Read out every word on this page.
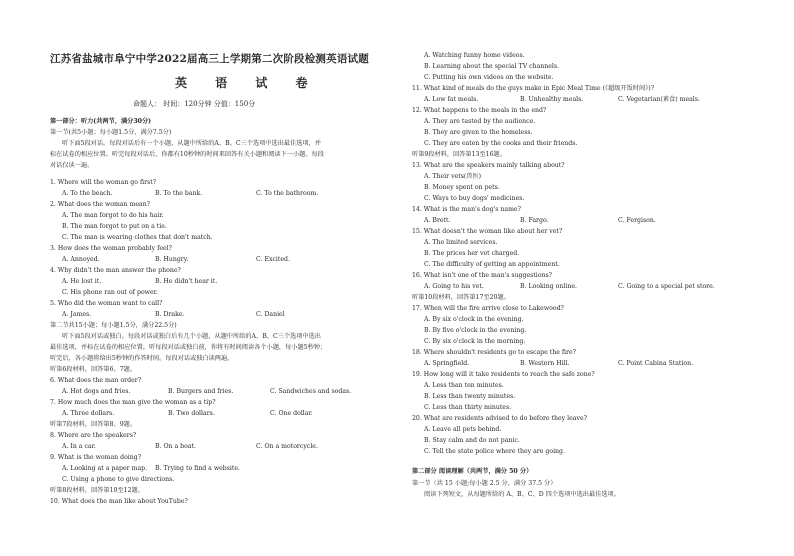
江苏省盐城市阜宁中学2022届高三上学期第二次阶段检测英语试题
英 语 试 卷
命题人： 时间：120分钟 分值：150分
第一部分：听力(共两节，满分30分)
第一节(共5小题；每小题1.5分，满分7.5分)
听下面5段对话。每段对话后有一个小题，从题中所给的A、B、C三个选项中选出最佳选项，并
标在试卷的相应位置。听完每段对话后，你都有10秒钟的时间来回答有关小题和阅读下一小题。每段
对话仅读一遍。
1. Where will the woman go first?
A. To the beach.	B. To the bank.	C. To the bathroom.
2. What does the woman mean?
A. The man forgot to do his hair.
B. The man forgot to put on a tie.
C. The man is wearing clothes that don't match.
3. How does the woman probably feel?
A. Annoyed.	B. Hungry.	C. Excited.
4. Why didn't the man answer the phone?
A. He lost it.	B. He didn't hear it.
C. His phone ran out of power.
5. Who did the woman want to call?
A. James.	B. Drake.	C. Daniel
第二节共15小题；每小题1.5分，满分22.5分)
听下面5段对话或独白。每段对话或独白后有几个小题，从题中所给的A、B、C三个选项中选出
最佳选项，并标在试卷的相应位置。听每段对话或独白前，你将有时间阅读各个小题，每小题5秒钟；
听完后，各小题将给出5秒钟的作答时间。每段对话或独白读两遍。
听第6段材料，回答第6、7题。
6. What does the man order?
A. Hot dogs and fries.	B. Burgers and fries.	C. Sandwiches and sodas.
7. How much does the man give the woman as a tip?
A. Three dollars.	B. Two dollars.	C. One dollar.
听第7段材料，回答第8、9题。
8. Where are the speakers?
A. In a car.	B. On a boat.	C. On a motorcycle.
9. What is the woman doing?
A. Looking at a paper map. B. Trying to find a website.
C. Using a phone to give directions.
听第8段材料，回答第10至12题。
10. What does the man like about YouTube?
A. Watching funny home videos.
B. Learning about the special TV channels.
C. Putting his own videos on the website.
11. What kind of meals do the guys make in Epic Meal Time (《超级开饭时间》)?
A. Low fat meals.	B. Unhealthy meals.	C. Vegetarian(素食) meals.
12. What happens to the meals in the end?
A. They are tasted by the audience.
B. They are given to the homeless.
C. They are eaten by the cooks and their friends.
听第9段材料，回答第13至16题。
13. What are the speakers mainly talking about?
A. Their vets(兽医)
B. Money spent on pets.
C. Ways to buy dogs' medicines.
14. What is the man's dog's name?
A. Brett.	B. Fargo.	C. Fergison.
15. What doesn't the woman like about her vet?
A. The limited services.
B. The prices her vet charged.
C. The difficulty of getting an appointment.
16. What isn't one of the man's suggestions?
A. Going to his vet.	B. Looking online.	C. Going to a special pet store.
听第10段材料，回答第17至20题。
17. When will the fire arrive close to Lakewood?
A. By six o'clock in the evening.
B. By five o'clock in the evening.
C. By six o'clock in the morning.
18. Where shouldn't residents go to escape the fire?
A. Springfield.	B. Western Hill.	C. Point Cabina Station.
19. How long will it take residents to reach the safe zone?
A. Less than ten minutes.
B. Less than twenty minutes.
C. Less than thirty minutes.
20. What are residents advised to do before they leave?
A. Leave all pets behind.
B. Stay calm and do not panic.
C. Tell the state police where they are going.
第二部分 阅读理解（共两节，满分 50 分）
第一节（共 15 小题;每小题 2.5 分，满分 37.5 分）
阅读下列短文，从每题所给的 A、B、C、D 四个选项中选出最佳选项。
